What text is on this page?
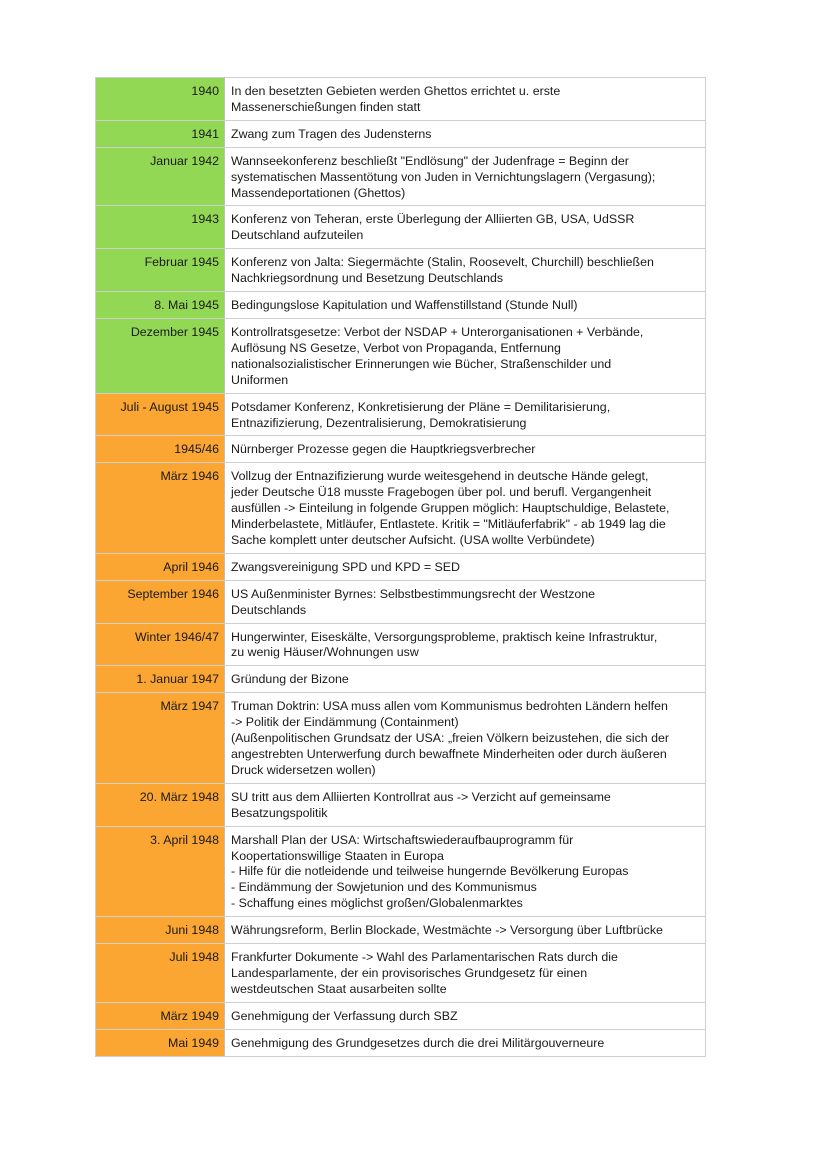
1940	In den besetzten Gebieten werden Ghettos errichtet u. erste
Massenerschießungen finden statt

1941	Zwang zum Tragen des Judensterns

Januar 1942	Wannseekonferenz beschließt "Endlösung" der Judenfrage = Beginn der
systematischen Massentötung von Juden in Vernichtungslagern (Vergasung);
Massendeportationen (Ghettos)

1943	Konferenz von Teheran, erste Überlegung der Alliierten GB, USA, UdSSR
Deutschland aufzuteilen

Februar 1945	Konferenz von Jalta: Siegermächte (Stalin, Roosevelt, Churchill) beschließen
Nachkriegsordnung und Besetzung Deutschlands

8. Mai 1945	Bedingungslose Kapitulation und Waffenstillstand (Stunde Null)

Dezember 1945	Kontrollratsgesetze: Verbot der NSDAP + Unterorganisationen + Verbände,
Auflösung NS Gesetze, Verbot von Propaganda, Entfernung
nationalsozialistischer Erinnerungen wie Bücher, Straßenschilder und
Uniformen

Juli - August 1945	Potsdamer Konferenz, Konkretisierung der Pläne = Demilitarisierung,
Entnazifizierung, Dezentralisierung, Demokratisierung

1945/46	Nürnberger Prozesse gegen die Hauptkriegsverbrecher

März 1946	Vollzug der Entnazifizierung wurde weitesgehend in deutsche Hände gelegt,
jeder Deutsche Ü18 musste Fragebogen über pol. und berufl. Vergangenheit
ausfüllen -> Einteilung in folgende Gruppen möglich: Hauptschuldige, Belastete,
Minderbelastete, Mitläufer, Entlastete. Kritik = "Mitläuferfabrik" - ab 1949 lag die
Sache komplett unter deutscher Aufsicht. (USA wollte Verbündete)

April 1946	Zwangsvereinigung SPD und KPD = SED

September 1946	US Außenminister Byrnes: Selbstbestimmungsrecht der Westzone
Deutschlands

Winter 1946/47	Hungerwinter, Eiseskälte, Versorgungsprobleme, praktisch keine Infrastruktur,
zu wenig Häuser/Wohnungen usw

1. Januar 1947	Gründung der Bizone

März 1947	Truman Doktrin: USA muss allen vom Kommunismus bedrohten Ländern helfen
-> Politik der Eindämmung (Containment)
(Außenpolitischen Grundsatz der USA: „freien Völkern beizustehen, die sich der
angestrebten Unterwerfung durch bewaffnete Minderheiten oder durch äußeren
Druck widersetzen wollen)

20. März 1948	SU tritt aus dem Alliierten Kontrollrat aus -> Verzicht auf gemeinsame
Besatzungspolitik

3. April 1948	Marshall Plan der USA: Wirtschaftswiederaufbauprogramm für
Koopertationswillige Staaten in Europa
- Hilfe für die notleidende und teilweise hungernde Bevölkerung Europas
- Eindämmung der Sowjetunion und des Kommunismus
- Schaffung eines möglichst großen/Globalenmarktes

Juni 1948	Währungsreform, Berlin Blockade, Westmächte -> Versorgung über Luftbrücke

Juli 1948	Frankfurter Dokumente -> Wahl des Parlamentarischen Rats durch die
Landesparlamente, der ein provisorisches Grundgesetz für einen
westdeutschen Staat ausarbeiten sollte

März 1949	Genehmigung der Verfassung durch SBZ

Mai 1949	Genehmigung des Grundgesetzes durch die drei Militärgouverneure
